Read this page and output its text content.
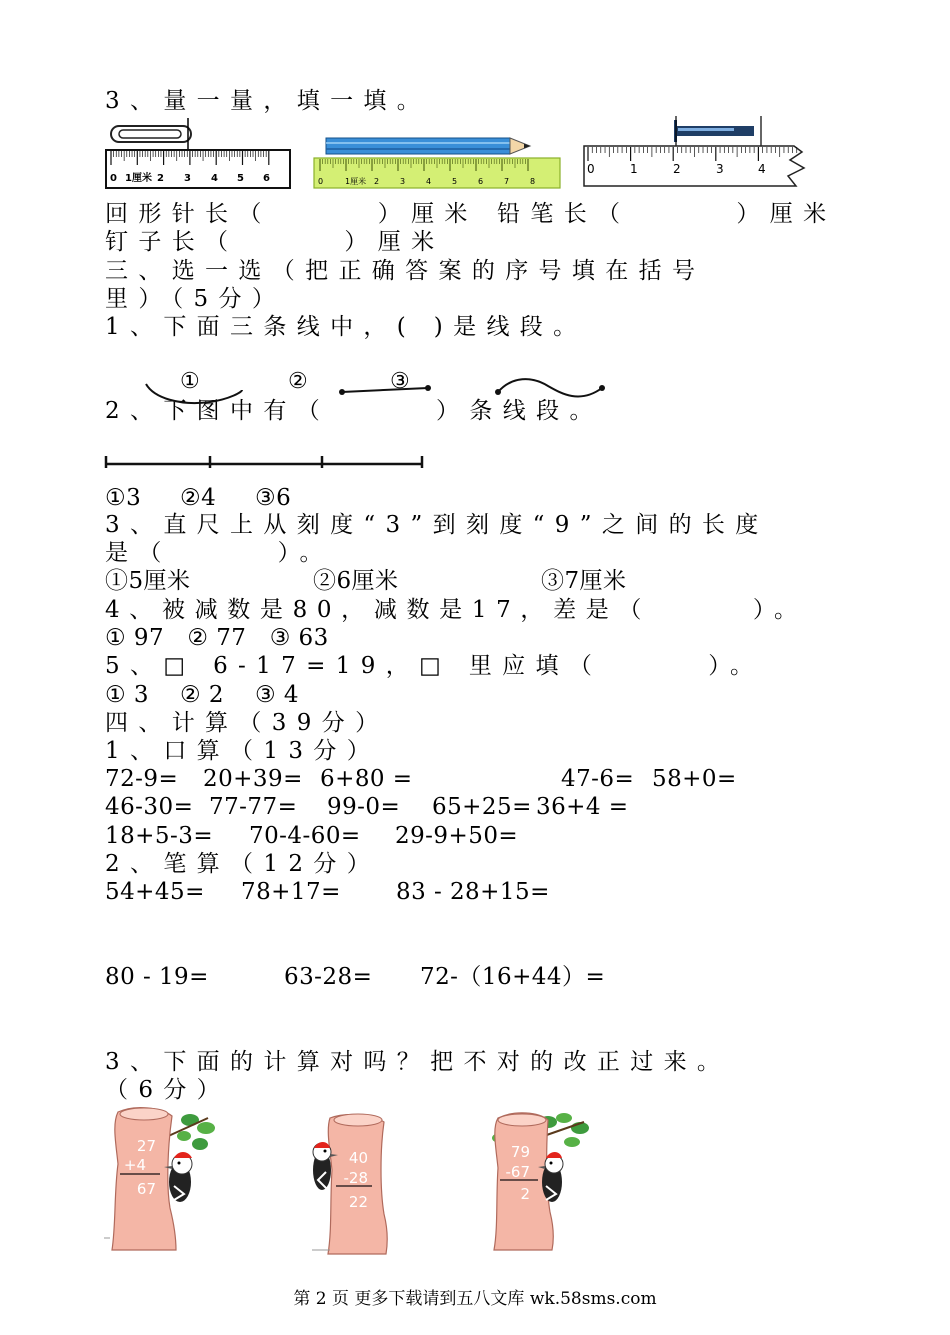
3、量一量，填一填。

0 1厘米 2 3 4 5 6	0	1厘米 2	3	4	5	6	7	8
0	1	2	3	4

回形针长（      ）厘米 铅笔长（      ）厘米

钉子长（      ）厘米

三、选一选（把正确答案的序号填在括号

里）（5分）

1、下面三条线中，( )是线段。

2、下图中有（      ）条线段。

①	②	③

①3     ②4     ③6

3、直尺上从刻度“3”到刻度“9”之间的长度

是（      ）。

①5厘米	②6厘米	③7厘米

4、被减数是80，减数是17，差是（      ）。

① 97   ② 77   ③ 63

5、□ 6-17=19，□ 里应填（      ）。

① 3    ② 2    ③ 4

四、计算（39分）

1、口算（13分）

72-9= 20+39= 6+80 =	47-6= 58+0=
46-30= 77-77= 99-0= 65+25= 36+4 =
18+5-3= 70-4-60= 29-9+50=

2、笔算（12分）

54+45= 78+17= 83 - 28+15=
80 - 19=	63-28= 72-（16+44）=

3、下面的计算对吗？把不对的改正过来。

（6分）

27
+4
67
40
-28
22
79
-67
2
第 2 页 更多下载请到五八文库 wk.58sms.com
